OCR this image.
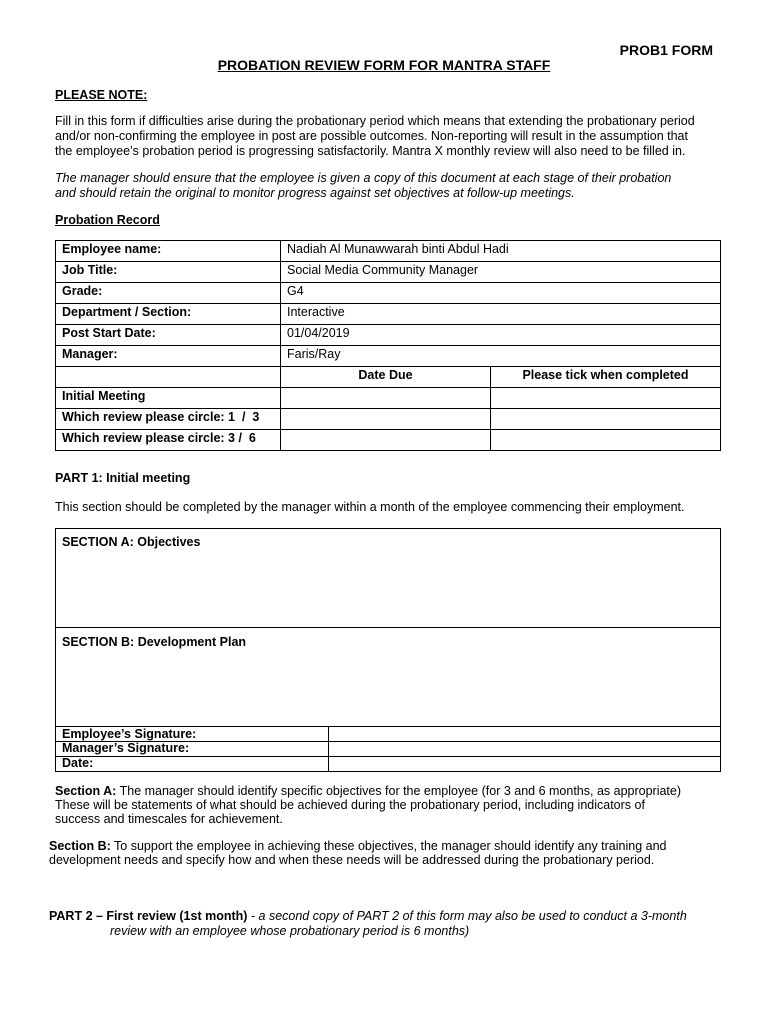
PROB1 FORM
PROBATION REVIEW FORM FOR MANTRA STAFF
PLEASE NOTE:
Fill in this form if difficulties arise during the probationary period which means that extending the probationary period
and/or non-confirming the employee in post are possible outcomes. Non-reporting will result in the assumption that
the employee’s probation period is progressing satisfactorily. Mantra X monthly review will also need to be filled in.
The manager should ensure that the employee is given a copy of this document at each stage of their probation
and should retain the original to monitor progress against set objectives at follow-up meetings.
Probation Record
Employee name:	Nadiah Al Munawwarah binti Abdul Hadi	
Job Title:	Social Media Community Manager	
Grade:	G4	
Department / Section:	Interactive	
Post Start Date:	01/04/2019	
Manager:	Faris/Ray	
	Date Due	Please tick when completed
Initial Meeting		
Which review please circle: 1  /  3		
Which review please circle: 3 /  6		
PART 1: Initial meeting
This section should be completed by the manager within a month of the employee commencing their employment.
SECTION A: Objectives
SECTION B: Development Plan
Employee’s Signature:
Manager’s Signature:
Date:
Section A: The manager should identify specific objectives for the employee (for 3 and 6 months, as appropriate)
These will be statements of what should be achieved during the probationary period, including indicators of
success and timescales for achievement.
Section B: To support the employee in achieving these objectives, the manager should identify any training and
development needs and specify how and when these needs will be addressed during the probationary period.
PART 2 – First review (1st month) - a second copy of PART 2 of this form may also be used to conduct a 3-month
review with an employee whose probationary period is 6 months)
